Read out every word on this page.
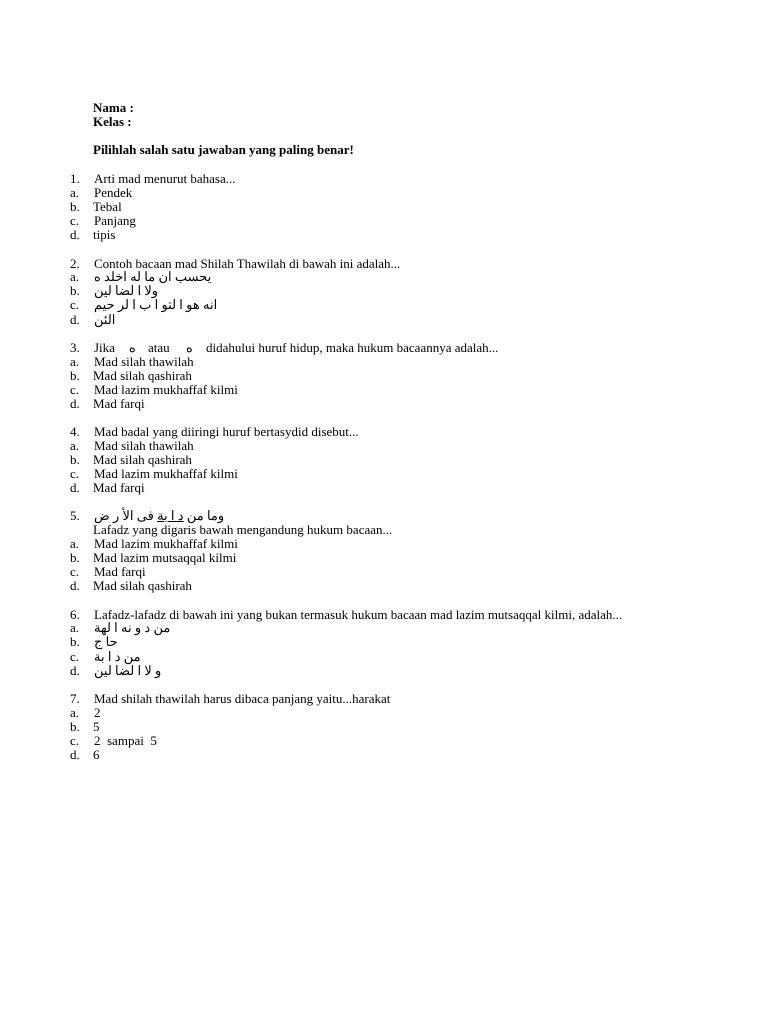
Nama :
Kelas :
Pilihlah salah satu jawaban yang paling benar!
1. Arti mad menurut bahasa...
a. Pendek
b. Tebal
c. Panjang
d. tipis
2. Contoh bacaan mad Shilah Thawilah di bawah ini adalah...
a. يحسب ان ما له اخلد ه
b. ولا ا لضا لين
c. انه هو ا لتو ا ب ا لر حيم
d. الئن
3. Jika ه atau ه didahului huruf hidup, maka hukum bacaannya adalah...
a. Mad silah thawilah
b. Mad silah qashirah
c. Mad lazim mukhaffaf kilmi
d. Mad farqi
4. Mad badal yang diiringi huruf bertasydid disebut...
a. Mad silah thawilah
b. Mad silah qashirah
c. Mad lazim mukhaffaf kilmi
d. Mad farqi
5.	وما من د ا بة فى الأ ر ض
Lafadz yang digaris bawah mengandung hukum bacaan...
a. Mad lazim mukhaffaf kilmi
b. Mad lazim mutsaqqal kilmi
c. Mad farqi
d. Mad silah qashirah
6. Lafadz-lafadz di bawah ini yang bukan termasuk hukum bacaan mad lazim mutsaqqal kilmi, adalah...
a. من د و نه ا لهة
b. حا ج
c. من د ا بة
d. و لا ا لضا لين
7. Mad shilah thawilah harus dibaca panjang yaitu...harakat
a. 2
b. 5
c. 2  sampai  5
d. 6
